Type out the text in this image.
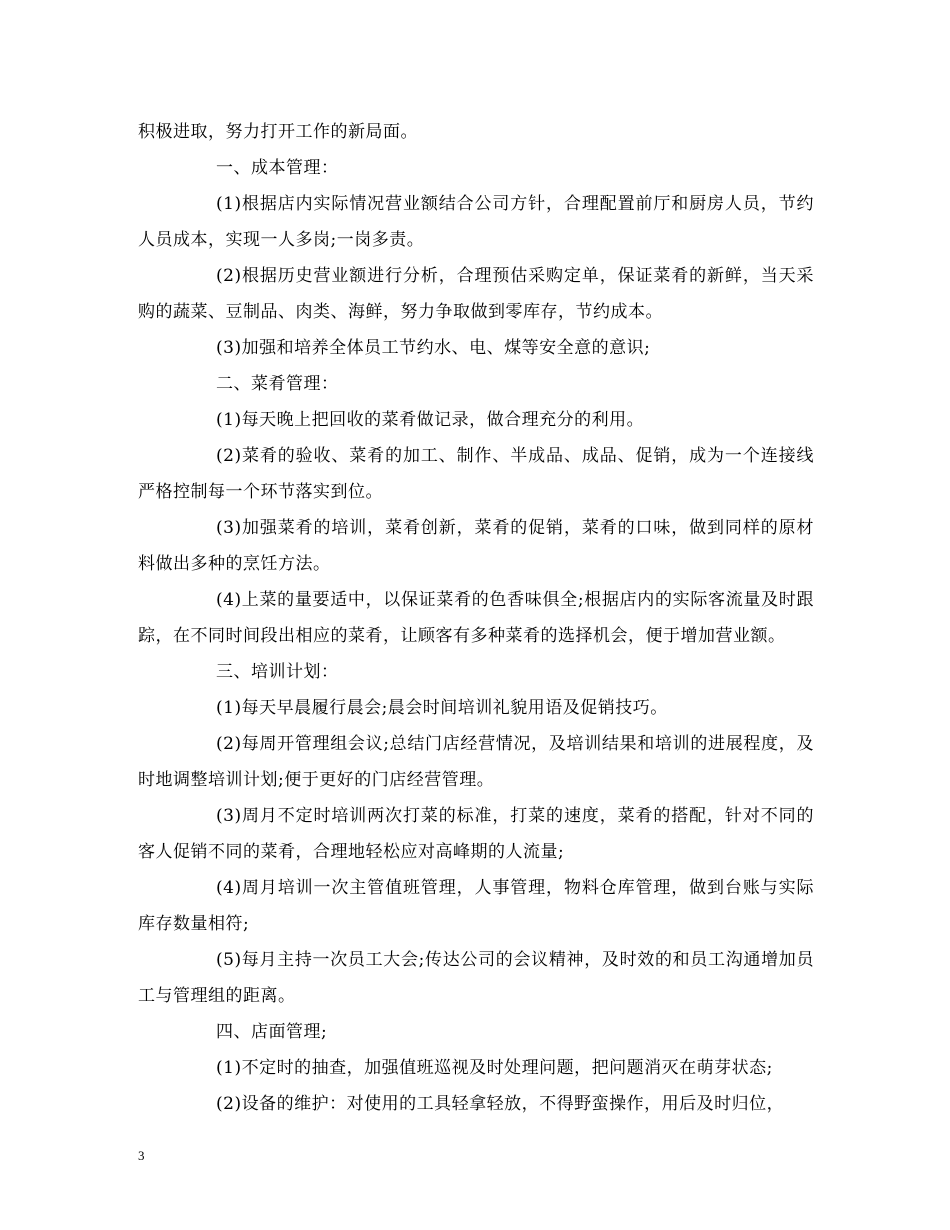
积极进取，努力打开工作的新局面。

一、成本管理：

(1)根据店内实际情况营业额结合公司方针，合理配置前厅和厨房人员，节约人员成本，实现一人多岗;一岗多责。

(2)根据历史营业额进行分析，合理预估采购定单，保证菜肴的新鲜，当天采购的蔬菜、豆制品、肉类、海鲜，努力争取做到零库存，节约成本。

(3)加强和培养全体员工节约水、电、煤等安全意的意识;

二、菜肴管理：

(1)每天晚上把回收的菜肴做记录，做合理充分的利用。

(2)菜肴的验收、菜肴的加工、制作、半成品、成品、促销，成为一个连接线严格控制每一个环节落实到位。

(3)加强菜肴的培训，菜肴创新，菜肴的促销，菜肴的口味，做到同样的原材料做出多种的烹饪方法。

(4)上菜的量要适中，以保证菜肴的色香味俱全;根据店内的实际客流量及时跟踪，在不同时间段出相应的菜肴，让顾客有多种菜肴的选择机会，便于增加营业额。

三、培训计划：

(1)每天早晨履行晨会;晨会时间培训礼貌用语及促销技巧。

(2)每周开管理组会议;总结门店经营情况，及培训结果和培训的进展程度，及时地调整培训计划;便于更好的门店经营管理。

(3)周月不定时培训两次打菜的标准，打菜的速度，菜肴的搭配，针对不同的客人促销不同的菜肴，合理地轻松应对高峰期的人流量;

(4)周月培训一次主管值班管理，人事管理，物料仓库管理，做到台账与实际库存数量相符;

(5)每月主持一次员工大会;传达公司的会议精神，及时效的和员工沟通增加员工与管理组的距离。

四、店面管理;

(1)不定时的抽查，加强值班巡视及时处理问题，把问题消灭在萌芽状态;

(2)设备的维护：对使用的工具轻拿轻放，不得野蛮操作，用后及时归位，

3
